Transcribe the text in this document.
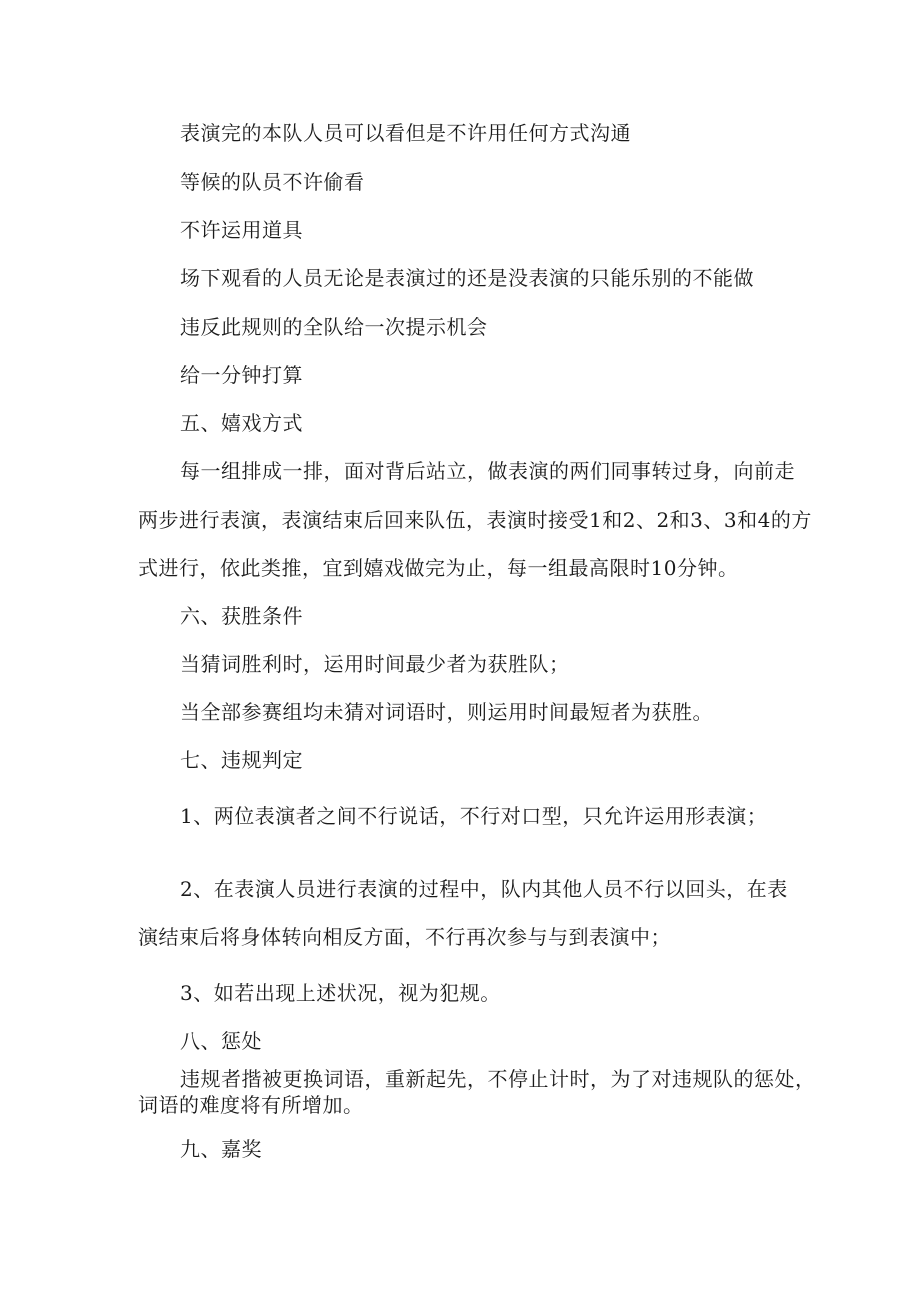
表演完的本队人员可以看但是不许用任何方式沟通
等候的队员不许偷看
不许运用道具
场下观看的人员无论是表演过的还是没表演的只能乐别的不能做
违反此规则的全队给一次提示机会
给一分钟打算
五、嬉戏方式
每一组排成一排，面对背后站立，做表演的两们同事转过身，向前走
两步进行表演，表演结束后回来队伍，表演时接受1和2、2和3、3和4的方
式进行，依此类推，宜到嬉戏做完为止，每一组最高限时10分钟。
六、获胜条件
当猜词胜利时，运用时间最少者为获胜队；
当全部参赛组均未猜对词语时，则运用时间最短者为获胜。
七、违规判定
1、两位表演者之间不行说话，不行对口型，只允许运用形表演；
2、在表演人员进行表演的过程中，队内其他人员不行以回头，在表
演结束后将身体转向相反方面，不行再次参与与到表演中；
3、如若出现上述状况，视为犯规。
八、惩处
违规者揩被更换词语，重新起先，不停止计时，为了对违规队的惩处，
词语的难度将有所增加。
九、嘉奖
